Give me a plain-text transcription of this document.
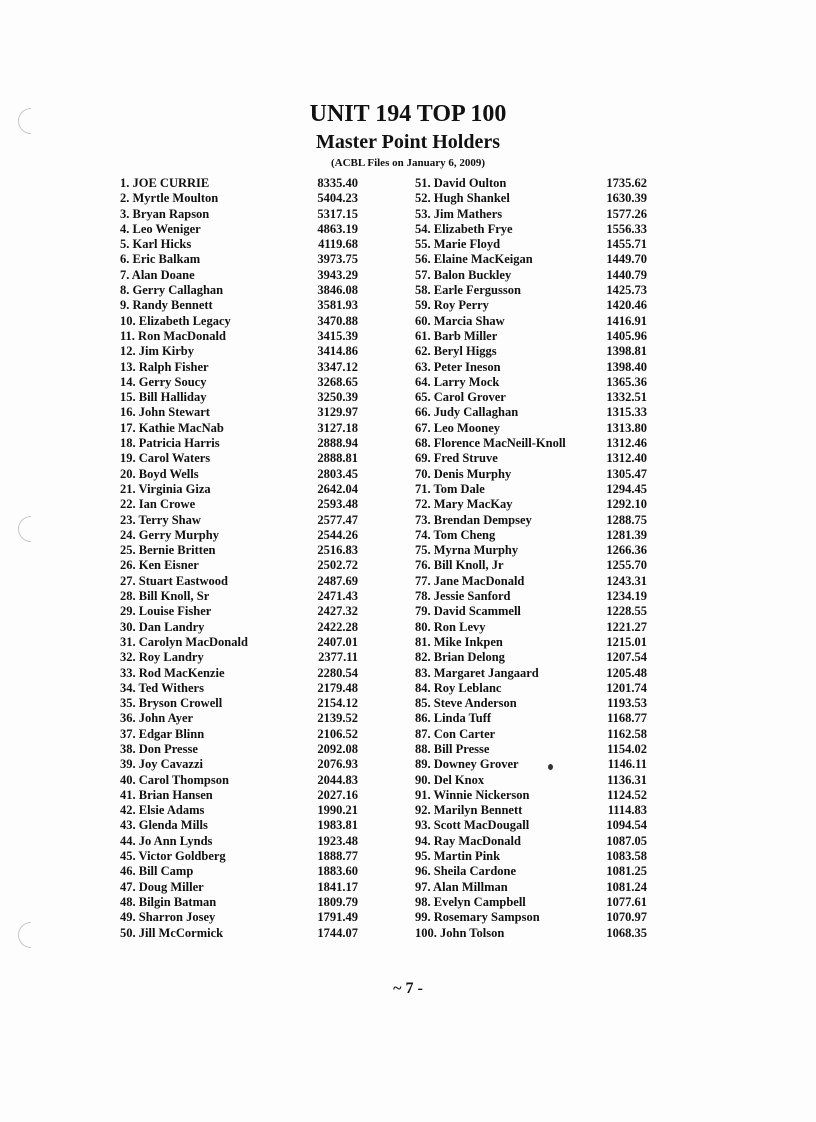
UNIT 194 TOP 100
Master Point Holders
(ACBL Files on January 6, 2009)
1. JOE CURRIE	8335.40
2. Myrtle Moulton	5404.23
3. Bryan Rapson	5317.15
4. Leo Weniger	4863.19
5. Karl Hicks	4119.68
6. Eric Balkam	3973.75
7. Alan Doane	3943.29
8. Gerry Callaghan	3846.08
9. Randy Bennett	3581.93
10. Elizabeth Legacy	3470.88
11. Ron MacDonald	3415.39
12. Jim Kirby	3414.86
13. Ralph Fisher	3347.12
14. Gerry Soucy	3268.65
15. Bill Halliday	3250.39
16. John Stewart	3129.97
17. Kathie MacNab	3127.18
18. Patricia Harris	2888.94
19. Carol Waters	2888.81
20. Boyd Wells	2803.45
21. Virginia Giza	2642.04
22. Ian Crowe	2593.48
23. Terry Shaw	2577.47
24. Gerry Murphy	2544.26
25. Bernie Britten	2516.83
26. Ken Eisner	2502.72
27. Stuart Eastwood	2487.69
28. Bill Knoll, Sr	2471.43
29. Louise Fisher	2427.32
30. Dan Landry	2422.28
31. Carolyn MacDonald	2407.01
32. Roy Landry	2377.11
33. Rod MacKenzie	2280.54
34. Ted Withers	2179.48
35. Bryson Crowell	2154.12
36. John Ayer	2139.52
37. Edgar Blinn	2106.52
38. Don Presse	2092.08
39. Joy Cavazzi	2076.93
40. Carol Thompson	2044.83
41. Brian Hansen	2027.16
42. Elsie Adams	1990.21
43. Glenda Mills	1983.81
44. Jo Ann Lynds	1923.48
45. Victor Goldberg	1888.77
46. Bill Camp	1883.60
47. Doug Miller	1841.17
48. Bilgin Batman	1809.79
49. Sharron Josey	1791.49
50. Jill McCormick	1744.07
51. David Oulton	1735.62
52. Hugh Shankel	1630.39
53. Jim Mathers	1577.26
54. Elizabeth Frye	1556.33
55. Marie Floyd	1455.71
56. Elaine MacKeigan	1449.70
57. Balon Buckley	1440.79
58. Earle Fergusson	1425.73
59. Roy Perry	1420.46
60. Marcia Shaw	1416.91
61. Barb Miller	1405.96
62. Beryl Higgs	1398.81
63. Peter Ineson	1398.40
64. Larry Mock	1365.36
65. Carol Grover	1332.51
66. Judy Callaghan	1315.33
67. Leo Mooney	1313.80
68. Florence MacNeill-Knoll	1312.46
69. Fred Struve	1312.40
70. Denis Murphy	1305.47
71. Tom Dale	1294.45
72. Mary MacKay	1292.10
73. Brendan Dempsey	1288.75
74. Tom Cheng	1281.39
75. Myrna Murphy	1266.36
76. Bill Knoll, Jr	1255.70
77. Jane MacDonald	1243.31
78. Jessie Sanford	1234.19
79. David Scammell	1228.55
80. Ron Levy	1221.27
81. Mike Inkpen	1215.01
82. Brian Delong	1207.54
83. Margaret Jangaard	1205.48
84. Roy Leblanc	1201.74
85. Steve Anderson	1193.53
86. Linda Tuff	1168.77
87. Con Carter	1162.58
88. Bill Presse	1154.02
89. Downey Grover	1146.11
90. Del Knox	1136.31
91. Winnie Nickerson	1124.52
92. Marilyn Bennett	1114.83
93. Scott MacDougall	1094.54
94. Ray MacDonald	1087.05
95. Martin Pink	1083.58
96. Sheila Cardone	1081.25
97. Alan Millman	1081.24
98. Evelyn Campbell	1077.61
99. Rosemary Sampson	1070.97
100. John Tolson	1068.35
~ 7 -
